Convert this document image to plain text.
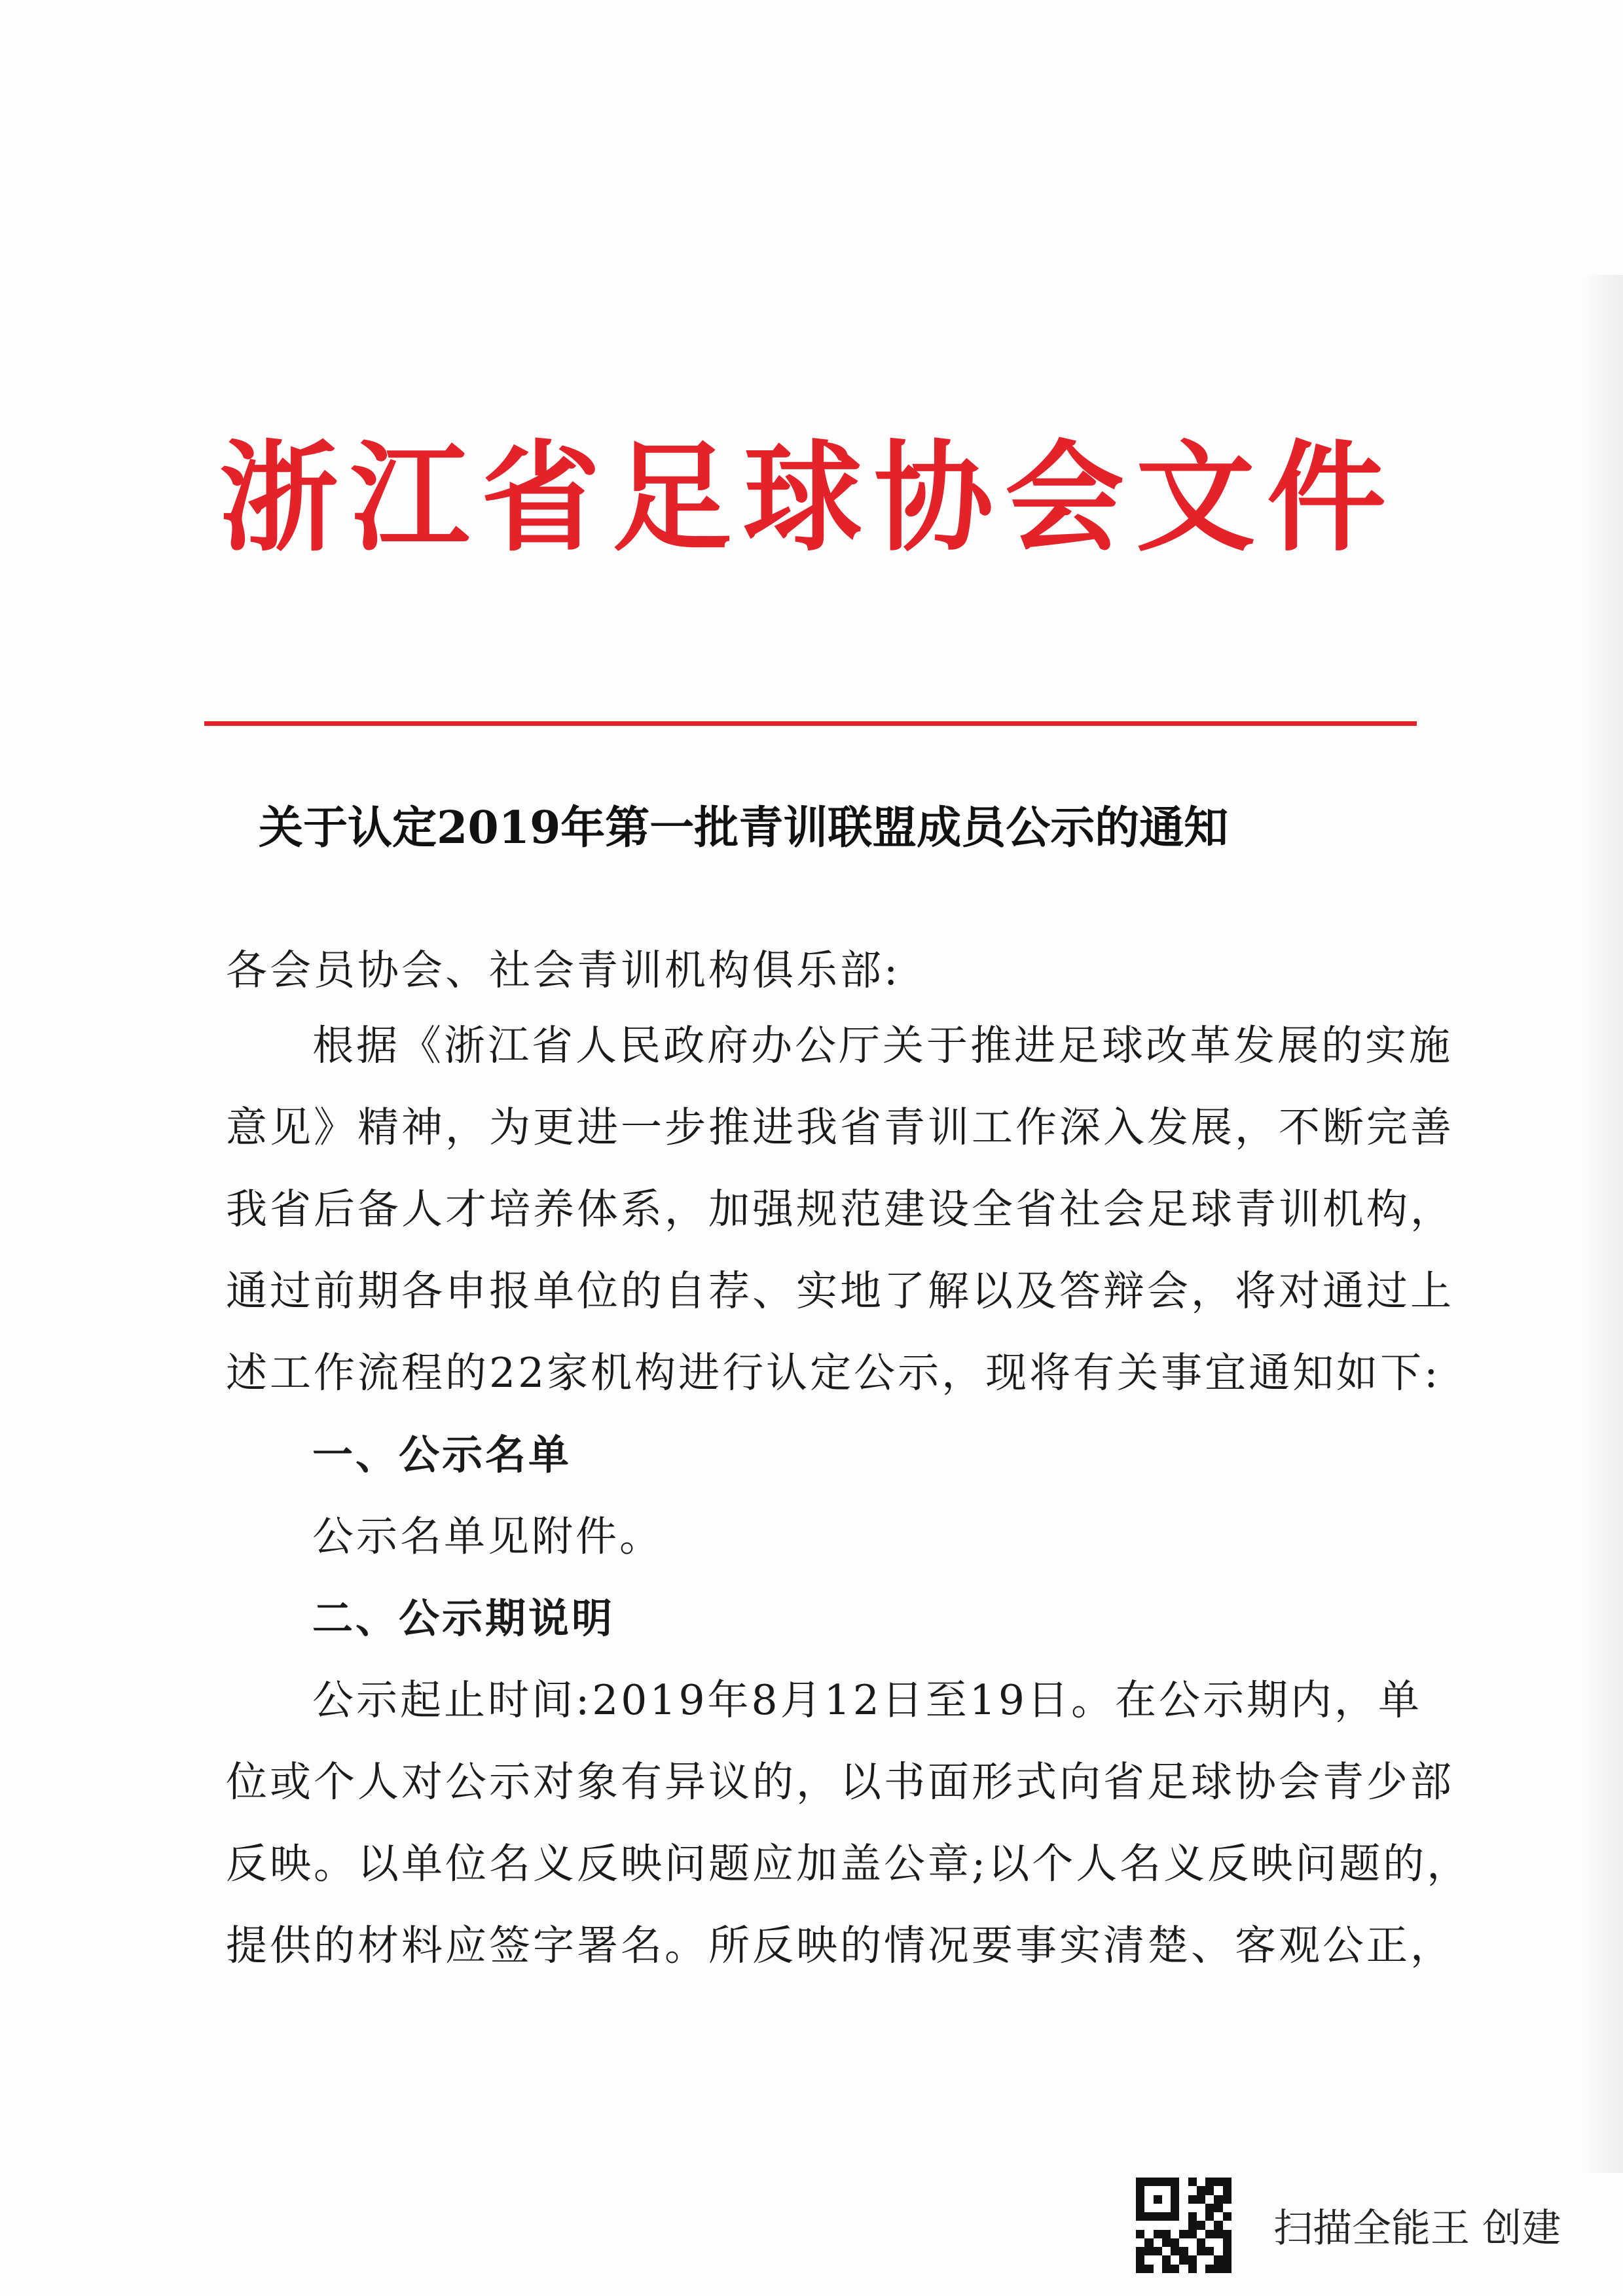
浙江省足球协会文件
关于认定2019年第一批青训联盟成员公示的通知

各会员协会、社会青训机构俱乐部:

根据《浙江省人民政府办公厅关于推进足球改革发展的实施

意见》精神，为更进一步推进我省青训工作深入发展，不断完善

我省后备人才培养体系，加强规范建设全省社会足球青训机构，

通过前期各申报单位的自荐、实地了解以及答辩会，将对通过上

述工作流程的22家机构进行认定公示，现将有关事宜通知如下:

一、公示名单

公示名单见附件。

二、公示期说明

公示起止时间:2019年8月12日至19日。在公示期内，单

位或个人对公示对象有异议的，以书面形式向省足球协会青少部

反映。以单位名义反映问题应加盖公章;以个人名义反映问题的，

提供的材料应签字署名。所反映的情况要事实清楚、客观公正，

扫描全能王 创建
